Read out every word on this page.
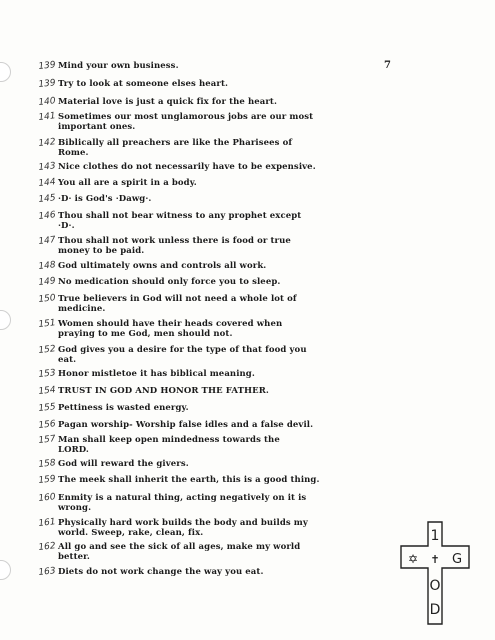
7
139 Mind your own business.
139 Try to look at someone elses heart.
140 Material love is just a quick fix for the heart.
141 Sometimes our most unglamorous jobs are our most
important ones.
142 Biblically all preachers are like the Pharisees of
Rome.
143 Nice clothes do not necessarily have to be expensive.
144 You all are a spirit in a body.
145 ·D· is God's ·Dawg·.
146 Thou shall not bear witness to any prophet except
·D·.
147 Thou shall not work unless there is food or true
money to be paid.
148 God ultimately owns and controls all work.
149 No medication should only force you to sleep.
150 True believers in God will not need a whole lot of
medicine.
151 Women should have their heads covered when
praying to me God, men should not.
152 God gives you a desire for the type of that food you
eat.
153 Honor mistletoe it has biblical meaning.
154 TRUST IN GOD AND HONOR THE FATHER.
155 Pettiness is wasted energy.
156 Pagan worship- Worship false idles and a false devil.
157 Man shall keep open mindedness towards the
LORD.
158 God will reward the givers.
159 The meek shall inherit the earth, this is a good thing.
160 Enmity is a natural thing, acting negatively on it is
wrong.
161 Physically hard work builds the body and builds my
world. Sweep, rake, clean, fix.
162 All go and see the sick of all ages, make my world
better.
163 Diets do not work change the way you eat.
1
✡ ✝ G
O
D
